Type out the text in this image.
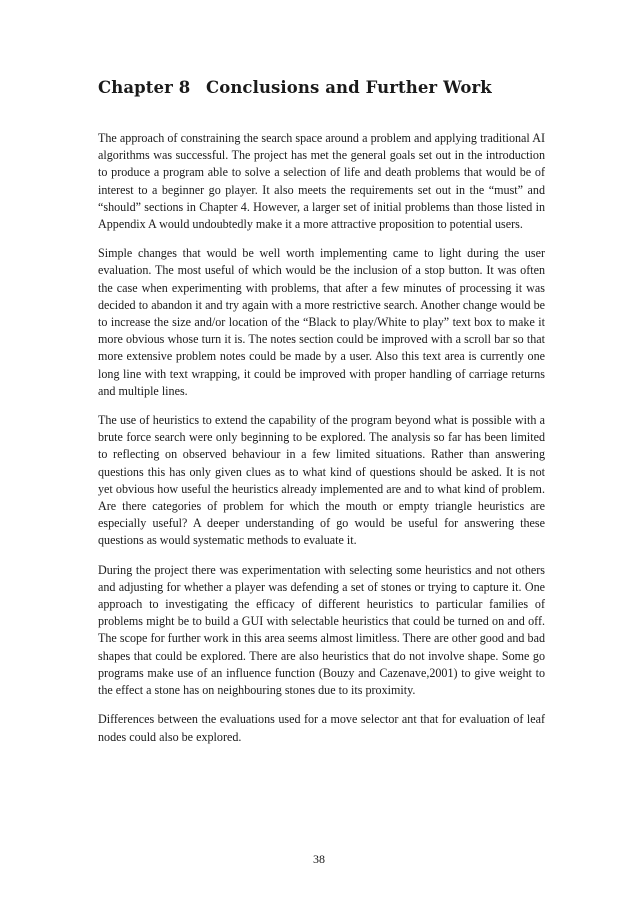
Chapter 8 Conclusions and Further Work

The approach of constraining the search space around a problem and applying traditional AI algorithms was successful. The project has met the general goals set out in the introduction to produce a program able to solve a selection of life and death problems that would be of interest to a beginner go player. It also meets the requirements set out in the “must” and “should” sections in Chapter 4. However, a larger set of initial problems than those listed in Appendix A would undoubtedly make it a more attractive proposition to potential users.

Simple changes that would be well worth implementing came to light during the user evaluation. The most useful of which would be the inclusion of a stop button. It was often the case when experimenting with problems, that after a few minutes of processing it was decided to abandon it and try again with a more restrictive search. Another change would be to increase the size and/or location of the “Black to play/White to play” text box to make it more obvious whose turn it is. The notes section could be improved with a scroll bar so that more extensive problem notes could be made by a user. Also this text area is currently one long line with text wrapping, it could be improved with proper handling of carriage returns and multiple lines.

The use of heuristics to extend the capability of the program beyond what is possible with a brute force search were only beginning to be explored. The analysis so far has been limited to reflecting on observed behaviour in a few limited situations. Rather than answering questions this has only given clues as to what kind of questions should be asked. It is not yet obvious how useful the heuristics already implemented are and to what kind of problem. Are there categories of problem for which the mouth or empty triangle heuristics are especially useful? A deeper understanding of go would be useful for answering these questions as would systematic methods to evaluate it.

During the project there was experimentation with selecting some heuristics and not others and adjusting for whether a player was defending a set of stones or trying to capture it. One approach to investigating the efficacy of different heuristics to particular families of problems might be to build a GUI with selectable heuristics that could be turned on and off. The scope for further work in this area seems almost limitless. There are other good and bad shapes that could be explored. There are also heuristics that do not involve shape. Some go programs make use of an influence function (Bouzy and Cazenave,2001) to give weight to the effect a stone has on neighbouring stones due to its proximity.

Differences between the evaluations used for a move selector ant that for evaluation of leaf nodes could also be explored.

38
